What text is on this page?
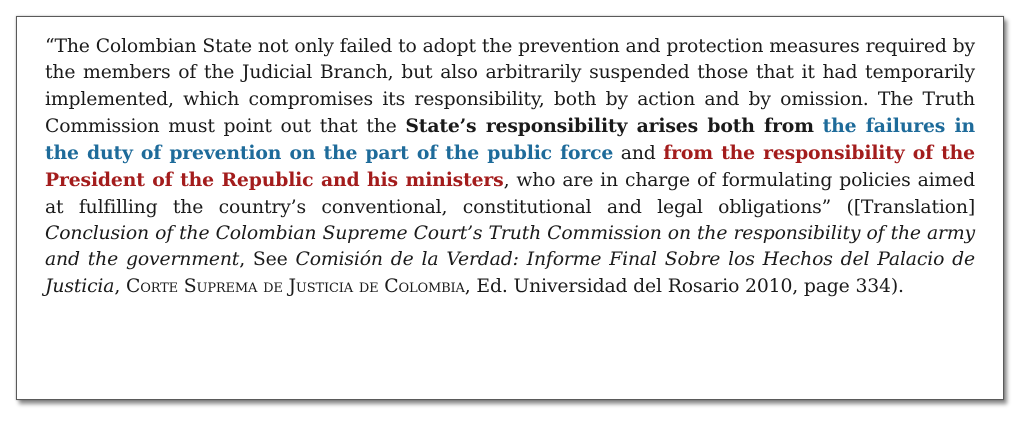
“The Colombian State not only failed to adopt the prevention and protection measures required by the members of the Judicial Branch, but also arbitrarily suspended those that it had temporarily implemented, which compromises its responsibility, both by action and by omission. The Truth Commission must point out that the State’s responsibility arises both from the failures in the duty of prevention on the part of the public force and from the responsibility of the President of the Republic and his ministers, who are in charge of formulating policies aimed at fulfilling the country’s conventional, constitutional and legal obligations” ([Translation] Conclusion of the Colombian Supreme Court’s Truth Commission on the responsibility of the army and the government, See Comisión de la Verdad: Informe Final Sobre los Hechos del Palacio de Justicia, Corte Suprema de Justicia de Colombia, Ed. Universidad del Rosario 2010, page 334).
